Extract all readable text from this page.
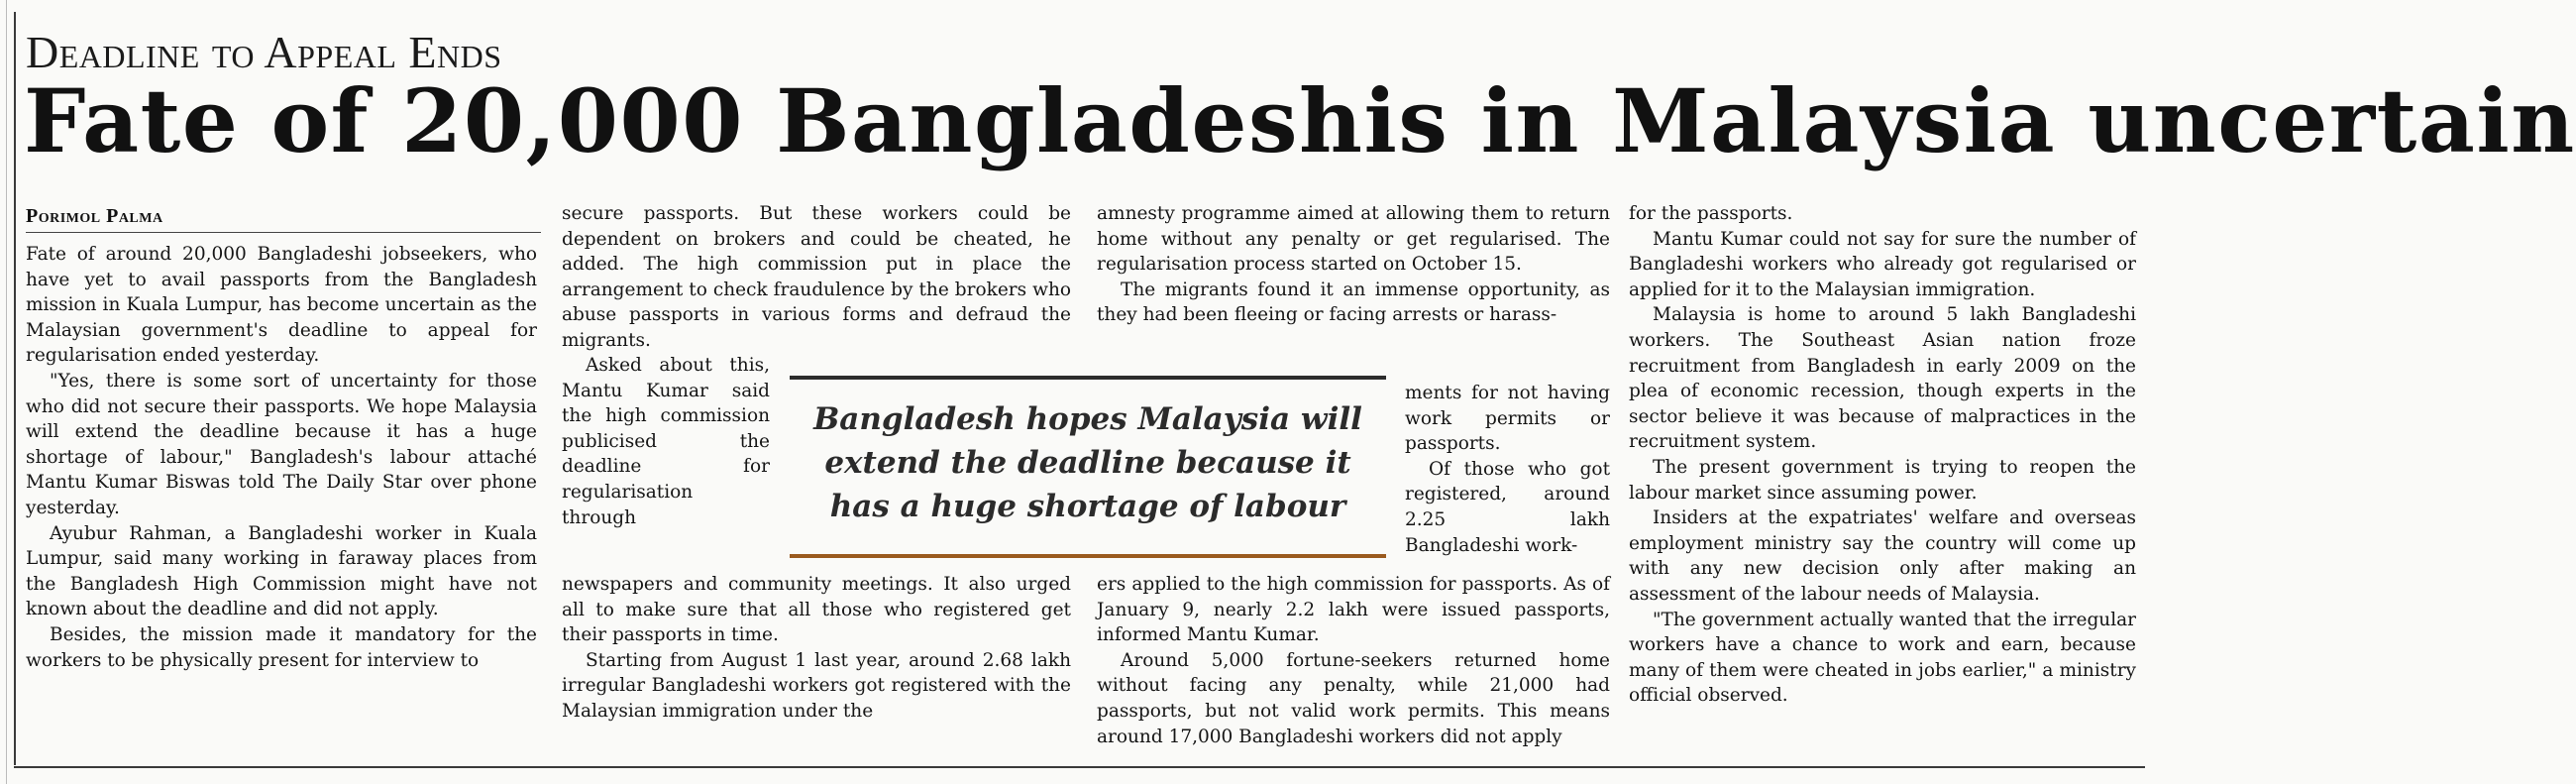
Deadline to Appeal Ends
Fate of 20,000 Bangladeshis in Malaysia uncertain
Porimol Palma

Fate of around 20,000 Bangladeshi jobseekers, who have yet to avail passports from the Bangladesh mission in Kuala Lumpur, has become uncertain as the Malaysian government's deadline to appeal for regularisation ended yesterday.

"Yes, there is some sort of uncertainty for those who did not secure their passports. We hope Malaysia will extend the deadline because it has a huge shortage of labour," Bangladesh's labour attaché Mantu Kumar Biswas told The Daily Star over phone yesterday.

Ayubur Rahman, a Bangladeshi worker in Kuala Lumpur, said many working in faraway places from the Bangladesh High Commission might have not known about the deadline and did not apply.

Besides, the mission made it mandatory for the workers to be physically present for interview to

secure passports. But these workers could be dependent on brokers and could be cheated, he added. The high commission put in place the arrangement to check fraudulence by the brokers who abuse passports in various forms and defraud the migrants.

Asked about this, Mantu Kumar said the high commission publicised the deadline for regularisation through

newspapers and community meetings. It also urged all to make sure that all those who registered get their passports in time.

Starting from August 1 last year, around 2.68 lakh irregular Bangladeshi workers got registered with the Malaysian immigration under the

amnesty programme aimed at allowing them to return home without any penalty or get regularised. The regularisation process started on October 15.

The migrants found it an immense opportunity, as they had been fleeing or facing arrests or harass-

ments for not having work permits or passports.

Of those who got registered, around 2.25 lakh Bangladeshi work-

ers applied to the high commission for passports. As of January 9, nearly 2.2 lakh were issued passports, informed Mantu Kumar.

Around 5,000 fortune-seekers returned home without facing any penalty, while 21,000 had passports, but not valid work permits. This means around 17,000 Bangladeshi workers did not apply

for the passports.

Mantu Kumar could not say for sure the number of Bangladeshi workers who already got regularised or applied for it to the Malaysian immigration.

Malaysia is home to around 5 lakh Bangladeshi workers. The Southeast Asian nation froze recruitment from Bangladesh in early 2009 on the plea of economic recession, though experts in the sector believe it was because of malpractices in the recruitment system.

The present government is trying to reopen the labour market since assuming power.

Insiders at the expatriates' welfare and overseas employment ministry say the country will come up with any new decision only after making an assessment of the labour needs of Malaysia.

"The government actually wanted that the irregular workers have a chance to work and earn, because many of them were cheated in jobs earlier," a ministry official observed.

Bangladesh hopes Malaysia will extend the deadline because it has a huge shortage of labour
